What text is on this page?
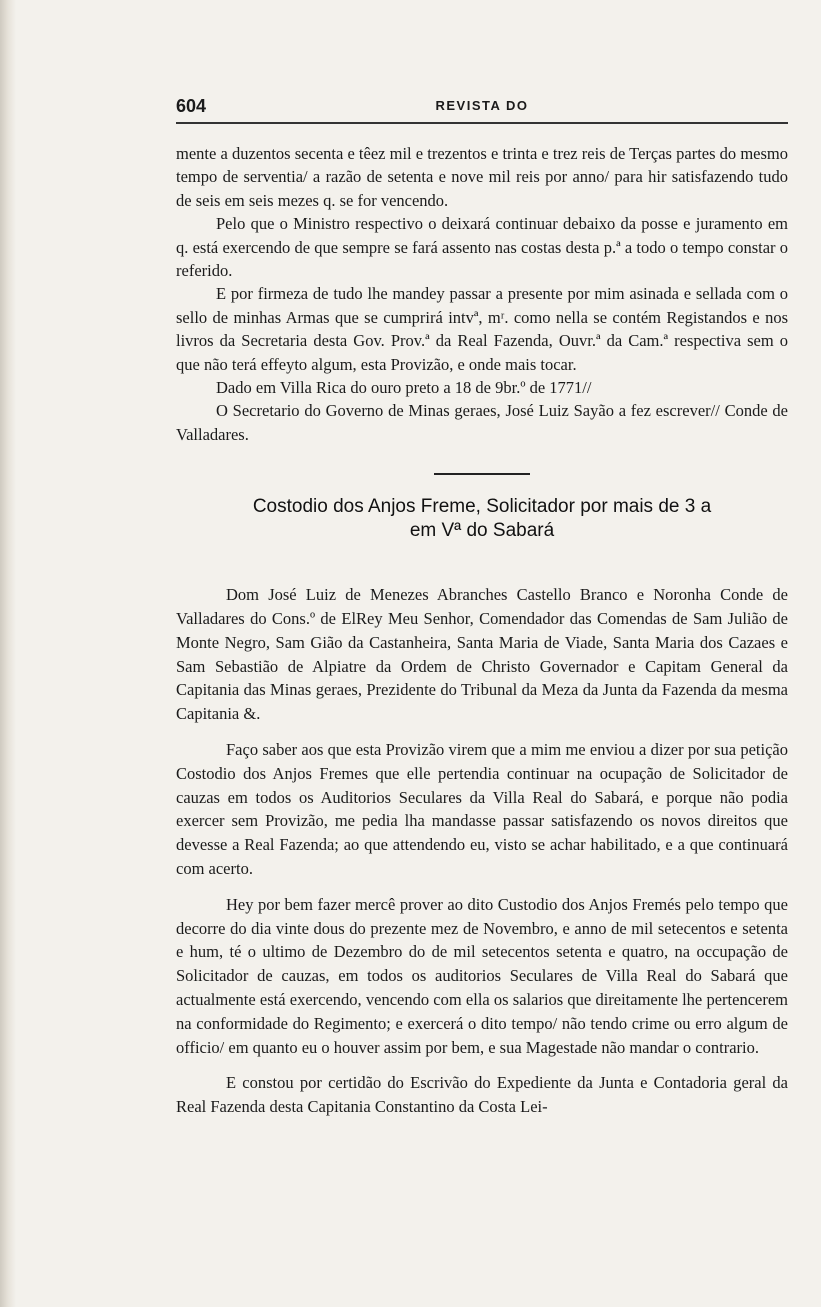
604	REVISTA DO

mente a duzentos secenta e têez mil e trezentos e trinta e trez reis de Terças partes do mesmo tempo de serventia/ a razão de setenta e nove mil reis por anno/ para hir satisfazendo tudo de seis em seis mezes q. se for vencendo.

Pelo que o Ministro respectivo o deixará continuar debaixo da posse e juramento em q. está exercendo de que sempre se fará assento nas costas desta p.ª a todo o tempo constar o referido.

E por firmeza de tudo lhe mandey passar a presente por mim asinada e sellada com o sello de minhas Armas que se cumprirá intvª, mʳ. como nella se contém Registandos e nos livros da Secretaria desta Gov. Prov.ª da Real Fazenda, Ouvr.ª da Cam.ª respectiva sem o que não terá effeyto algum, esta Provizão, e onde mais tocar.

Dado em Villa Rica do ouro preto a 18 de 9br.º de 1771//

O Secretario do Governo de Minas geraes, José Luiz Sayão a fez escrever// Conde de Valladares.

Costodio dos Anjos Freme, Solicitador por mais de 3 a
em Vª do Sabará

Dom José Luiz de Menezes Abranches Castello Branco e Noronha Conde de Valladares do Cons.º de ElRey Meu Senhor, Comendador das Comendas de Sam Julião de Monte Negro, Sam Gião da Castanheira, Santa Maria de Viade, Santa Maria dos Cazaes e Sam Sebastião de Alpiatre da Ordem de Christo Governador e Capitam General da Capitania das Minas geraes, Prezidente do Tribunal da Meza da Junta da Fazenda da mesma Capitania &.

Faço saber aos que esta Provizão virem que a mim me enviou a dizer por sua petição Costodio dos Anjos Fremes que elle pertendia continuar na ocupação de Solicitador de cauzas em todos os Auditorios Seculares da Villa Real do Sabará, e porque não podia exercer sem Provizão, me pedia lha mandasse passar satisfazendo os novos direitos que devesse a Real Fazenda; ao que attendendo eu, visto se achar habilitado, e a que continuará com acerto.

Hey por bem fazer mercê prover ao dito Custodio dos Anjos Fremés pelo tempo que decorre do dia vinte dous do prezente mez de Novembro, e anno de mil setecentos e setenta e hum, té o ultimo de Dezembro do de mil setecentos setenta e quatro, na occupação de Solicitador de cauzas, em todos os auditorios Seculares de Villa Real do Sabará que actualmente está exercendo, vencendo com ella os salarios que direitamente lhe pertencerem na conformidade do Regimento; e exercerá o dito tempo/ não tendo crime ou erro algum de officio/ em quanto eu o houver assim por bem, e sua Magestade não mandar o contrario.

E constou por certidão do Escrivão do Expediente da Junta e Contadoria geral da Real Fazenda desta Capitania Constantino da Costa Lei-
